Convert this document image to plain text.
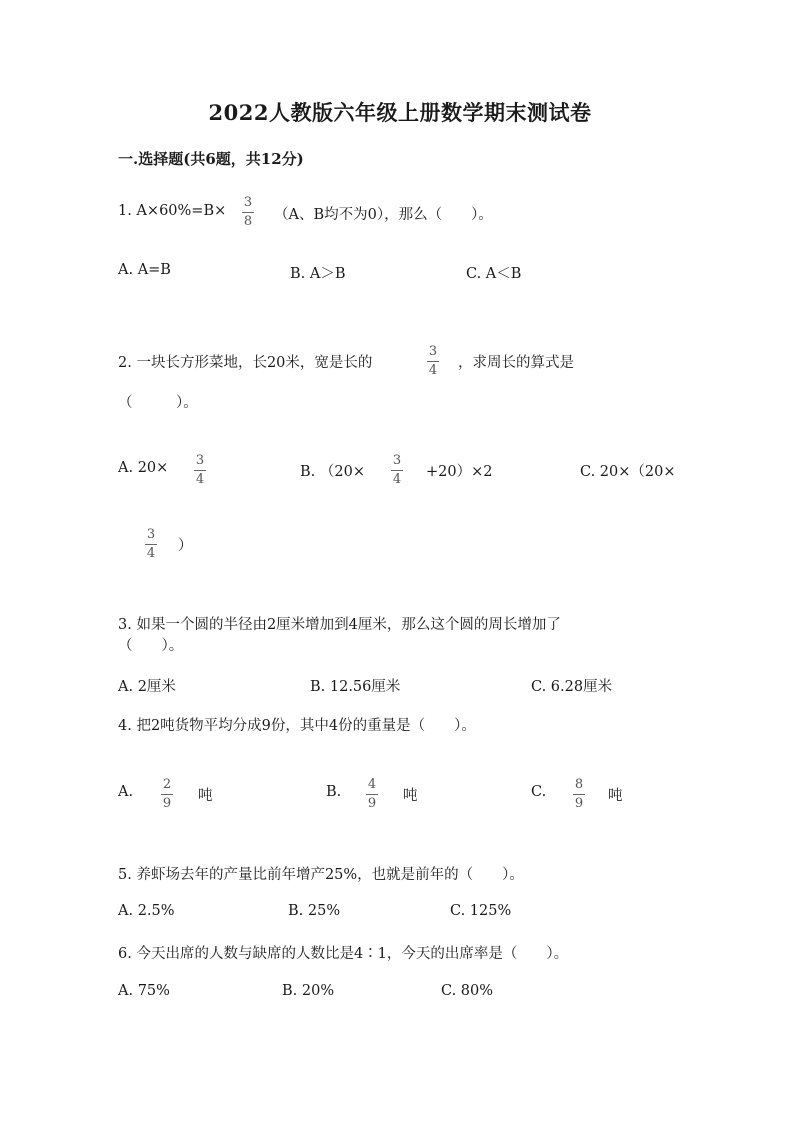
2022人教版六年级上册数学期末测试卷
一.选择题(共6题，共12分)
1. A×60%=B×
3
8 （A、B均不为0），那么（　　）。
A. A=B	B. A＞B	C. A＜B
2. 一块长方形菜地，长20米，宽是长的
3
4 ，求周长的算式是
（　　　）。
A. 20× 3
4	B. （20×
3
4 +20）×2	C. 20×（20×
3
4 ）
3. 如果一个圆的半径由2厘米增加到4厘米，那么这个圆的周长增加了
（　　）。
A. 2厘米	B. 12.56厘米	C. 6.28厘米
4. 把2吨货物平均分成9份，其中4份的重量是（　　）。
A. 2
9 吨	B. 4
9 吨	C. 8
9 吨
5. 养虾场去年的产量比前年增产25%，也就是前年的（　　）。
A. 2.5%	B. 25%	C. 125%
6. 今天出席的人数与缺席的人数比是4∶1，今天的出席率是（　　）。
A. 75%	B. 20%	C. 80%
